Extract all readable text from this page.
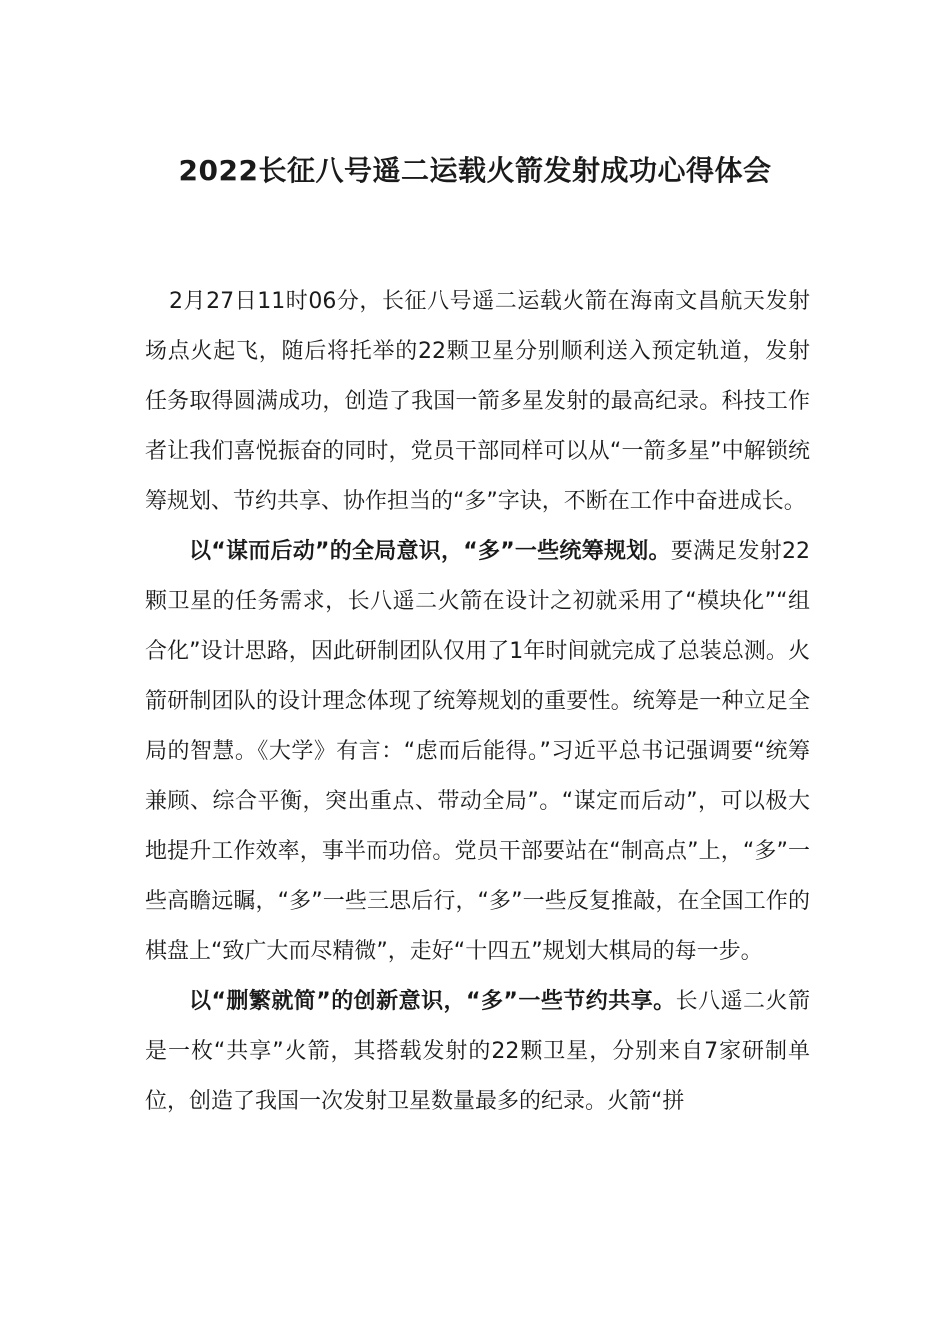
2022长征八号遥二运载火箭发射成功心得体会

2月27日11时06分，长征八号遥二运载火箭在海南文昌航天发射场点火起飞，随后将托举的22颗卫星分别顺利送入预定轨道，发射任务取得圆满成功，创造了我国一箭多星发射的最高纪录。科技工作者让我们喜悦振奋的同时，党员干部同样可以从“一箭多星”中解锁统筹规划、节约共享、协作担当的“多”字诀，不断在工作中奋进成长。

以“谋而后动”的全局意识，“多”一些统筹规划。要满足发射22颗卫星的任务需求，长八遥二火箭在设计之初就采用了“模块化”“组合化”设计思路，因此研制团队仅用了1年时间就完成了总装总测。火箭研制团队的设计理念体现了统筹规划的重要性。统筹是一种立足全局的智慧。《大学》有言：“虑而后能得。”习近平总书记强调要“统筹兼顾、综合平衡，突出重点、带动全局”。“谋定而后动”，可以极大地提升工作效率，事半而功倍。党员干部要站在“制高点”上，“多”一些高瞻远瞩，“多”一些三思后行，“多”一些反复推敲，在全国工作的棋盘上“致广大而尽精微”，走好“十四五”规划大棋局的每一步。

以“删繁就简”的创新意识，“多”一些节约共享。长八遥二火箭是一枚“共享”火箭，其搭载发射的22颗卫星，分别来自7家研制单位，创造了我国一次发射卫星数量最多的纪录。火箭“拼
